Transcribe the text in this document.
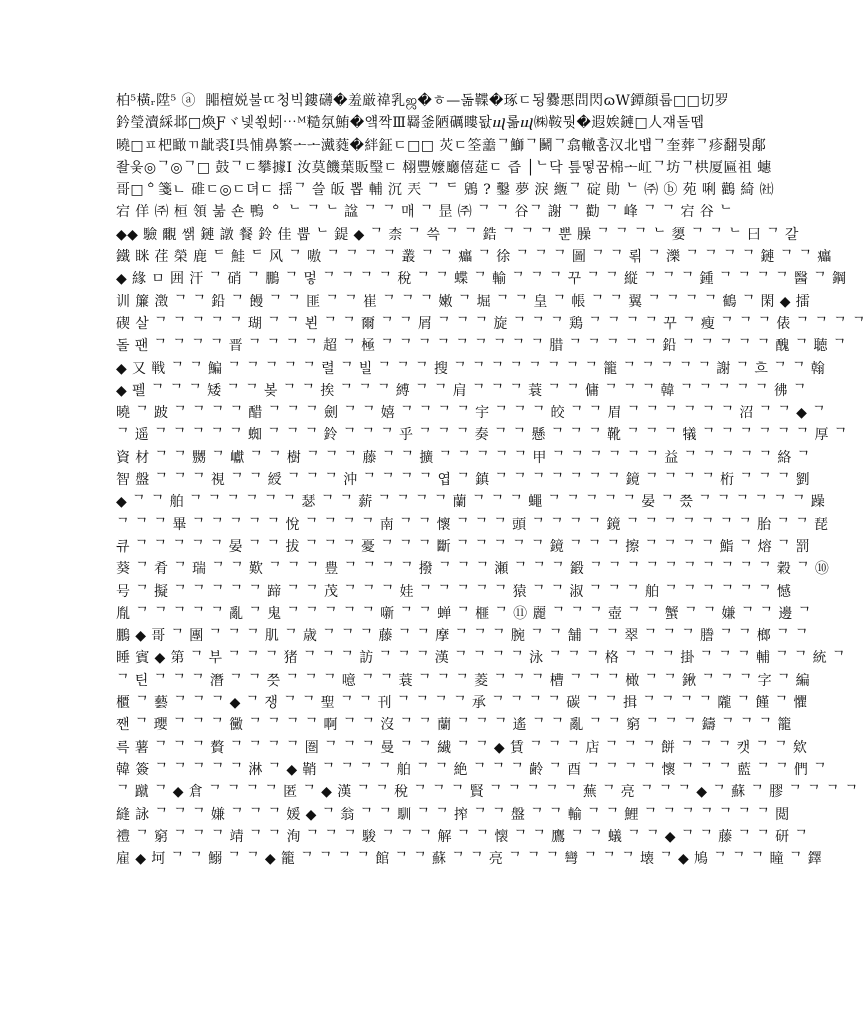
柏⁵橫ᵣ陞⁵ ⓐ  嘂檀娧불ㄸ청빅鏤礴�羞厳禕乳ஜ�ㅎ—돎鞢�琢ㄷ됭爨悪問閃ɷW鐔顔룹□□切罗
鈐瑩瀆綵邶□煥Ƒヾ넻쐯蚓⋯ᴹ糙氛鮪�얰짝Ⅲ羇釜陋礪瞜돲ⴓ롦ⴓ㈱鞍뭣�遐娭鏈□人쟤돌뗍
曉□ㅍ杷瞰ㄲ龇裘Ⅰ呉悑鼻繁ᅩᅩ瀻蕤�絆鉦ㄷ□□ 苂ㄷ筌譱ᄀ鰤ᄀ鬭ᄀ翕轍훔汉北뱁ᄀ奎葬ᄀ疹翻뭣鄅
좔웆◎ᄀ◎ᄀ□ 鼓ᄀㄷ攀據Ⅰ 汝莫饑葉販瑿ㄷ 翉豐嬤廳僖莚ㄷ 즙 │ᄂ닥 틒떻꿈棉ᅩ屸ᄀ坊ᄀ栱厦匾祖 蟪
哥□ᅌ箋ㄴ 碓ㄷ◎ㄷ뎌ㄷ 揺ᄀ 쓸 皈 뽑 輔 沉 兲 ᄀ ᄃ 鶂 ? 鑿 夢 淚 緪ᄀ 碇 勛 ᄂ ㈜ ⓑ 苑 唎 鸛 綺 ㈳
宕 佯 ㈜ 桓 領 붊 숀 鴨 ᅌ ᄂ ᄀ ᄂ 諡 ᄀ ᄀ 매 ᄀ 昰 ㈜ ᄀ ᄀ 谷ᄀ 謝 ᄀ 勸 ᄀ 峰 ᄀ ᄀ 宕 谷 ᄂ
◆◆ 驗 覼 쌝 鏈 譈 餐 鈴 佳 뿝 ᄂ 鍉 ◆ ᄀ 柰 ᄀ 쓱 ᄀ ᄀ 鋯 ᄀ ᄀ ᄀ 뿐 臊 ᄀ ᄀ ᄀ ᄂ 嬃 ᄀ ᄀ ᄂ 曰 ᄀ 갈
鐵 眯 荏 榮 鹿 ᄃ 鮭 ᄃ 风 ᄀ 嗷 ᄀ ᄀ ᄀ ᄀ 叢 ᄀ ᄀ 㿔 ᄀ 徐 ᄀ ᄀ ᄀ 圖 ᄀ ᄀ 뢲 ᄀ 濼 ᄀ ᄀ ᄀ ᄀ 鏈 ᄀ ᄀ 㿔
◆ 緣 ㅁ 囲 汗 ᄀ 硝 ᄀ 鵬 ᄀ 멓 ᄀ ᄀ ᄀ ᄀ 稅 ᄀ ᄀ 蝶 ᄀ 輸 ᄀ ᄀ ᄀ 꾸 ᄀ ᄀ 縦 ᄀ ᄀ ᄀ 鍾 ᄀ ᄀ ᄀ ᄀ 醫 ᄀ 鋼
训 簾 澂 ᄀ ᄀ 鉛 ᄀ 饅 ᄀ ᄀ 匪 ᄀ ᄀ 崔 ᄀ ᄀ ᄀ 嫩 ᄀ 堀 ᄀ ᄀ 皇 ᄀ 帳 ᄀ ᄀ 翼 ᄀ ᄀ ᄀ ᄀ 鶴 ᄀ 閑 ◆ 擂
碶 살 ᄀ ᄀ ᄀ ᄀ ᄀ 瑚 ᄀ ᄀ 뵌 ᄀ ᄀ 爾 ᄀ ᄀ 屑 ᄀ ᄀ ᄀ 旋 ᄀ ᄀ ᄀ 鶏 ᄀ ᄀ ᄀ ᄀ 꾸 ᄀ 瘦 ᄀ ᄀ ᄀ 俵 ᄀ ᄀ ᄀ ᄀ
돌 팬 ᄀ ᄀ ᄀ ᄀ 晋 ᄀ ᄀ ᄀ ᄀ 超 ᄀ 極 ᄀ ᄀ ᄀ ᄀ ᄀ ᄀ ᄀ ᄀ ᄀ 腊 ᄀ ᄀ ᄀ ᄀ ᄀ 鉛 ᄀ ᄀ ᄀ ᄀ ᄀ 醜 ᄀ 聴 ᄀ
◆ 又 戦 ᄀ ᄀ 鯿 ᄀ ᄀ ᄀ ᄀ ᄀ 렬 ᄀ 빌 ᄀ ᄀ ᄀ 搜 ᄀ ᄀ ᄀ ᄀ ᄀ ᄀ ᄀ ᄀ 籠 ᄀ ᄀ ᄀ ᄀ ᄀ 謝 ᄀ 흐 ᄀ ᄀ 翰
◆ 펠 ᄀ ᄀ ᄀ 矮 ᄀ ᄀ 봊 ᄀ ᄀ 挨 ᄀ ᄀ ᄀ 縛 ᄀ ᄀ 肩 ᄀ ᄀ ᄀ 蓑 ᄀ ᄀ 傭 ᄀ ᄀ ᄀ 韓 ᄀ ᄀ ᄀ ᄀ ᄀ 彿 ᄀ
曉 ᄀ 跛 ᄀ ᄀ ᄀ ᄀ 醋 ᄀ ᄀ ᄀ 劍 ᄀ ᄀ 嬉 ᄀ ᄀ ᄀ ᄀ 宇 ᄀ ᄀ ᄀ 皎 ᄀ ᄀ 眉 ᄀ ᄀ ᄀ ᄀ ᄀ ᄀ 沼 ᄀ ᄀ ◆ ᄀ
ᄀ 遥 ᄀ ᄀ ᄀ ᄀ ᄀ 蜘 ᄀ ᄀ ᄀ 鈴 ᄀ ᄀ ᄀ 乎 ᄀ ᄀ ᄀ 奏 ᄀ ᄀ 懸 ᄀ ᄀ ᄀ 靴 ᄀ ᄀ ᄀ 犠 ᄀ ᄀ ᄀ ᄀ ᄀ ᄀ 厚 ᄀ
資 材 ᄀ ᄀ 嬲 ᄀ 巘 ᄀ ᄀ 樹 ᄀ ᄀ ᄀ 藤 ᄀ ᄀ 擴 ᄀ ᄀ ᄀ ᄀ ᄀ 甲 ᄀ ᄀ ᄀ ᄀ ᄀ ᄀ 益 ᄀ ᄀ ᄀ ᄀ ᄀ 絡 ᄀ
智 盤 ᄀ ᄀ ᄀ 視 ᄀ ᄀ 綬 ᄀ ᄀ ᄀ 沖 ᄀ ᄀ ᄀ ᄀ 엽 ᄀ 鎮 ᄀ ᄀ ᄀ ᄀ ᄀ ᄀ ᄀ 鏡 ᄀ ᄀ ᄀ ᄀ 桁 ᄀ ᄀ ᄀ 劉
◆ ᄀ ᄀ 舶 ᄀ ᄀ ᄀ ᄀ ᄀ ᄀ 瑟 ᄀ ᄀ 薪 ᄀ ᄀ ᄀ ᄀ 蘭 ᄀ ᄀ ᄀ 蠅 ᄀ ᄀ ᄀ ᄀ ᄀ 晏 ᄀ 쯨 ᄀ ᄀ ᄀ ᄀ ᄀ ᄀ 躁
ᄀ ᄀ ᄀ 畢 ᄀ ᄀ ᄀ ᄀ ᄀ 悅 ᄀ ᄀ ᄀ ᄀ 南 ᄀ ᄀ 懷 ᄀ ᄀ ᄀ 頭 ᄀ ᄀ ᄀ ᄀ 鏡 ᄀ ᄀ ᄀ ᄀ ᄀ ᄀ ᄀ 胎 ᄀ ᄀ 琵
큐 ᄀ ᄀ ᄀ ᄀ ᄀ 晏 ᄀ ᄀ 拔 ᄀ ᄀ ᄀ 憂 ᄀ ᄀ ᄀ 斷 ᄀ ᄀ ᄀ ᄀ ᄀ 鏡 ᄀ ᄀ ᄀ 擦 ᄀ ᄀ ᄀ ᄀ 鮨 ᄀ 熔 ᄀ 罰
葵 ᄀ 肴 ᄀ 瑞 ᄀ ᄀ 歎 ᄀ ᄀ ᄀ 豊 ᄀ ᄀ ᄀ ᄀ 撥 ᄀ ᄀ ᄀ 瀬 ᄀ ᄀ ᄀ 鍛 ᄀ ᄀ ᄀ ᄀ ᄀ ᄀ ᄀ ᄀ ᄀ ᄀ 穀 ᄀ ⑩
号 ᄀ 擬 ᄀ ᄀ ᄀ ᄀ ᄀ 蹄 ᄀ ᄀ 茂 ᄀ ᄀ ᄀ 娃 ᄀ ᄀ ᄀ ᄀ ᄀ 猿 ᄀ ᄀ 淑 ᄀ ᄀ ᄀ 舶 ᄀ ᄀ ᄀ ᄀ ᄀ ᄀ 憾
胤 ᄀ ᄀ ᄀ ᄀ ᄀ 亂 ᄀ 鬼 ᄀ ᄀ ᄀ ᄀ ᄀ 噺 ᄀ ᄀ 蝉 ᄀ 榧 ᄀ ⑪ 麗 ᄀ ᄀ ᄀ 壺 ᄀ ᄀ 蟹 ᄀ ᄀ 嫌 ᄀ ᄀ 邊 ᄀ
鵬 ◆ 哥 ᄀ 團 ᄀ ᄀ ᄀ 肌 ᄀ 歳 ᄀ ᄀ ᄀ 藤 ᄀ ᄀ 摩 ᄀ ᄀ ᄀ 腕 ᄀ ᄀ 舗 ᄀ ᄀ 翠 ᄀ ᄀ ᄀ 謄 ᄀ ᄀ 榔 ᄀ ᄀ
睡 賓 ◆ 第 ᄀ 부 ᄀ ᄀ ᄀ 猪 ᄀ ᄀ ᄀ 訪 ᄀ ᄀ ᄀ 漢 ᄀ ᄀ ᄀ ᄀ 泳 ᄀ ᄀ ᄀ 格 ᄀ ᄀ ᄀ 掛 ᄀ ᄀ ᄀ 輔 ᄀ ᄀ 統 ᄀ
ᄀ 틴 ᄀ ᄀ ᄀ 潛 ᄀ ᄀ 쯧 ᄀ ᄀ ᄀ 噫 ᄀ ᄀ 蓑 ᄀ ᄀ ᄀ 菱 ᄀ ᄀ ᄀ 槽 ᄀ ᄀ ᄀ 橄 ᄀ ᄀ 鍬 ᄀ ᄀ ᄀ 字 ᄀ 編
櫃 ᄀ 藝 ᄀ ᄀ ᄀ ◆ ᄀ 쟁 ᄀ ᄀ 聖 ᄀ ᄀ 刊 ᄀ ᄀ ᄀ ᄀ 承 ᄀ ᄀ ᄀ ᄀ 碳 ᄀ ᄀ 揖 ᄀ ᄀ ᄀ ᄀ 隴 ᄀ 饉 ᄀ 懼
짼 ᄀ 瓔 ᄀ ᄀ ᄀ 黴 ᄀ ᄀ ᄀ ᄀ 啊 ᄀ ᄀ 沒 ᄀ ᄀ 蘭 ᄀ ᄀ ᄀ 遙 ᄀ ᄀ 亂 ᄀ ᄀ 窮 ᄀ ᄀ ᄀ 鑄 ᄀ ᄀ ᄀ 籠
륵 薯 ᄀ ᄀ ᄀ 贅 ᄀ ᄀ ᄀ ᄀ 圏 ᄀ ᄀ ᄀ 曼 ᄀ ᄀ 繊 ᄀ ᄀ ◆ 賃 ᄀ ᄀ ᄀ 店 ᄀ ᄀ ᄀ 餅 ᄀ ᄀ ᄀ 캣 ᄀ ᄀ 欸
韓 簽 ᄀ ᄀ ᄀ ᄀ ᄀ 淋 ᄀ ◆ 鞘 ᄀ ᄀ ᄀ ᄀ 舶 ᄀ ᄀ 絶 ᄀ ᄀ ᄀ 齢 ᄀ 酉 ᄀ ᄀ ᄀ ᄀ 懷 ᄀ ᄀ ᄀ 藍 ᄀ ᄀ 們 ᄀ
ᄀ 蹴 ᄀ ◆ 倉 ᄀ ᄀ ᄀ ᄀ 匿 ᄀ ◆ 漢 ᄀ ᄀ 稅 ᄀ ᄀ ᄀ 賢 ᄀ ᄀ ᄀ ᄀ ᄀ 蕪 ᄀ 亮 ᄀ ᄀ ᄀ ◆ ᄀ 蘇 ᄀ 膠 ᄀ ᄀ ᄀ ᄀ
縫 詠 ᄀ ᄀ ᄀ 嫌 ᄀ ᄀ ᄀ 媛 ◆ ᄀ 翁 ᄀ ᄀ 馴 ᄀ ᄀ 搾 ᄀ ᄀ 盤 ᄀ ᄀ 輸 ᄀ ᄀ 鯉 ᄀ ᄀ ᄀ ᄀ ᄀ ᄀ ᄀ 閲
禮 ᄀ 窮 ᄀ ᄀ ᄀ 靖 ᄀ ᄀ 洵 ᄀ ᄀ ᄀ 駿 ᄀ ᄀ ᄀ 解 ᄀ ᄀ 懐 ᄀ ᄀ 鷹 ᄀ ᄀ 蟻 ᄀ ᄀ ◆ ᄀ ᄀ 藤 ᄀ ᄀ 研 ᄀ
雇 ◆ 坷 ᄀ ᄀ 鰯 ᄀ ᄀ ◆ 籠 ᄀ ᄀ ᄀ ᄀ 館 ᄀ ᄀ 蘇 ᄀ ᄀ 亮 ᄀ ᄀ ᄀ 彎 ᄀ ᄀ ᄀ 壊 ᄀ ◆ 鳩 ᄀ ᄀ ᄀ 瞳 ᄀ 鐸
